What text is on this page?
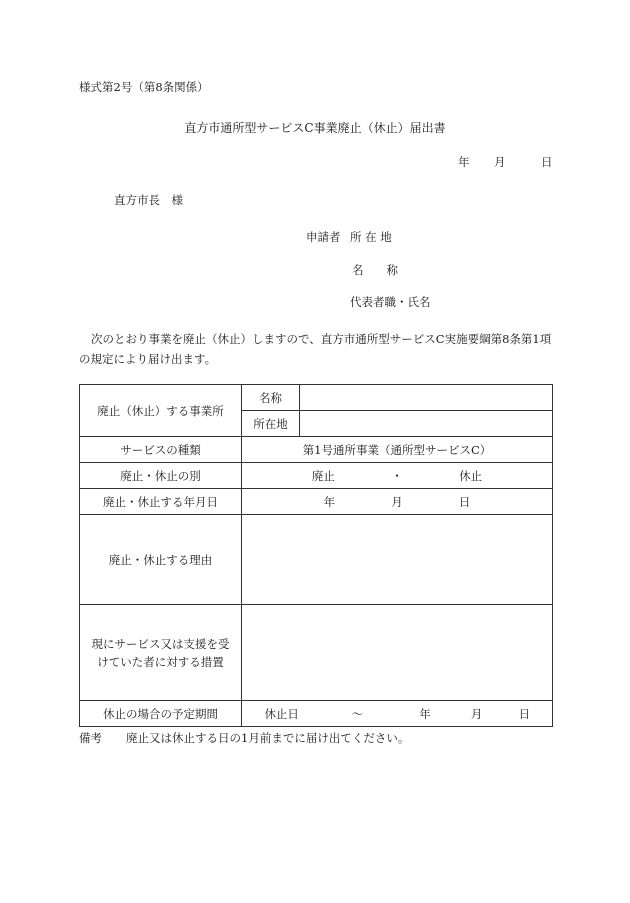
様式第2号（第8条関係）
直方市通所型サービスC事業廃止（休止）届出書
年 月	日
直方市長　様
申請者 所 在 地
名　　称
代表者職・氏名
次のとおり事業を廃止（休止）しますので、直方市通所型サービスC実施要綱第8条第1項の規定により届け出ます。
廃止（休止）する事業所	名称	
	所在地	
サービスの種類	第1号通所事業（通所型サービスC）	
廃止・休止の別	廃止 ・ 休止	
廃止・休止する年月日	年 月 日	
廃止・休止する理由		

現にサービス又は支援を受
けていた者に対する措置		

休止の場合の予定期間	休止日 ～ 年 月 日	
備考 廃止又は休止する日の1月前までに届け出てください。
